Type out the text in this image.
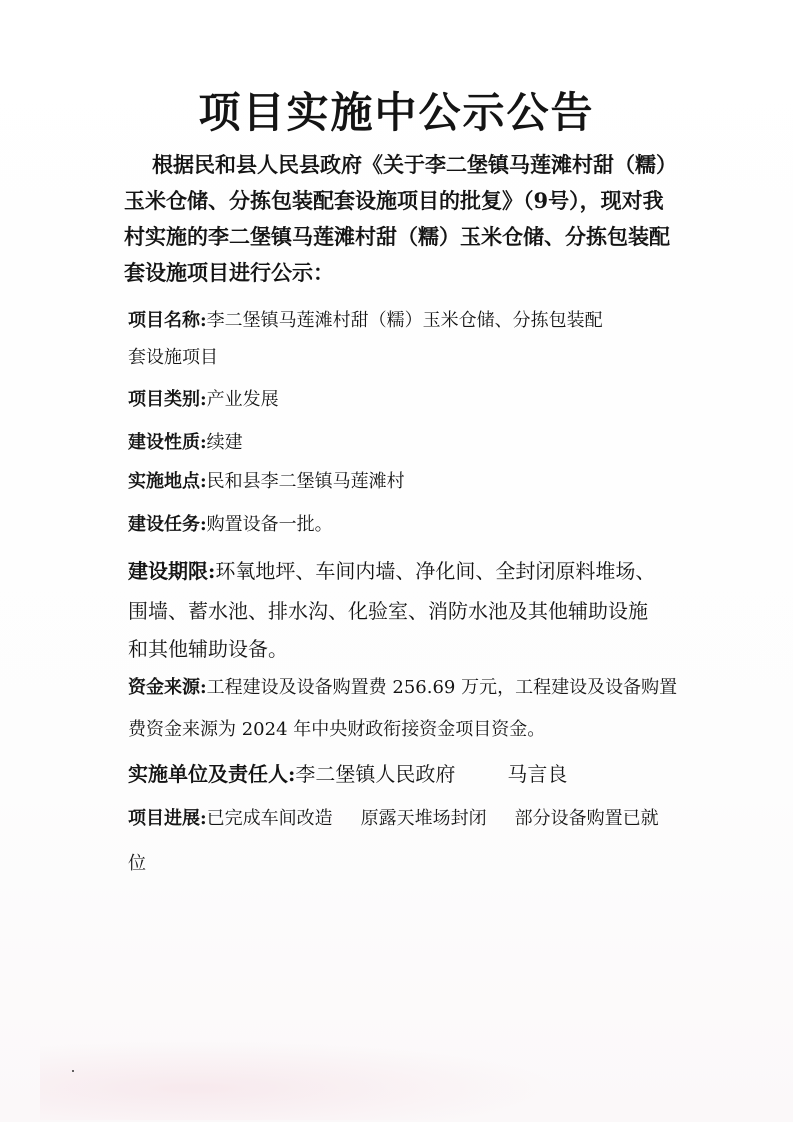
项目实施中公示公告
根据民和县人民县政府《关于李二堡镇马莲滩村甜（糯）
玉米仓储、分拣包装配套设施项目的批复》（9号），现对我
村实施的李二堡镇马莲滩村甜（糯）玉米仓储、分拣包装配
套设施项目进行公示：
项目名称:李二堡镇马莲滩村甜（糯）玉米仓储、分拣包装配
套设施项目
项目类别:产业发展
建设性质:续建
实施地点:民和县李二堡镇马莲滩村
建设任务:购置设备一批。
建设期限:环氧地坪、车间内墙、净化间、全封闭原料堆场、
围墙、蓄水池、排水沟、化验室、消防水池及其他辅助设施
和其他辅助设备。
资金来源:工程建设及设备购置费 256.69 万元，工程建设及设备购置
费资金来源为 2024 年中央财政衔接资金项目资金。
实施单位及责任人:李二堡镇人民政府	马言良
项目进展:已完成车间改造 原露天堆场封闭 部分设备购置已就
位
